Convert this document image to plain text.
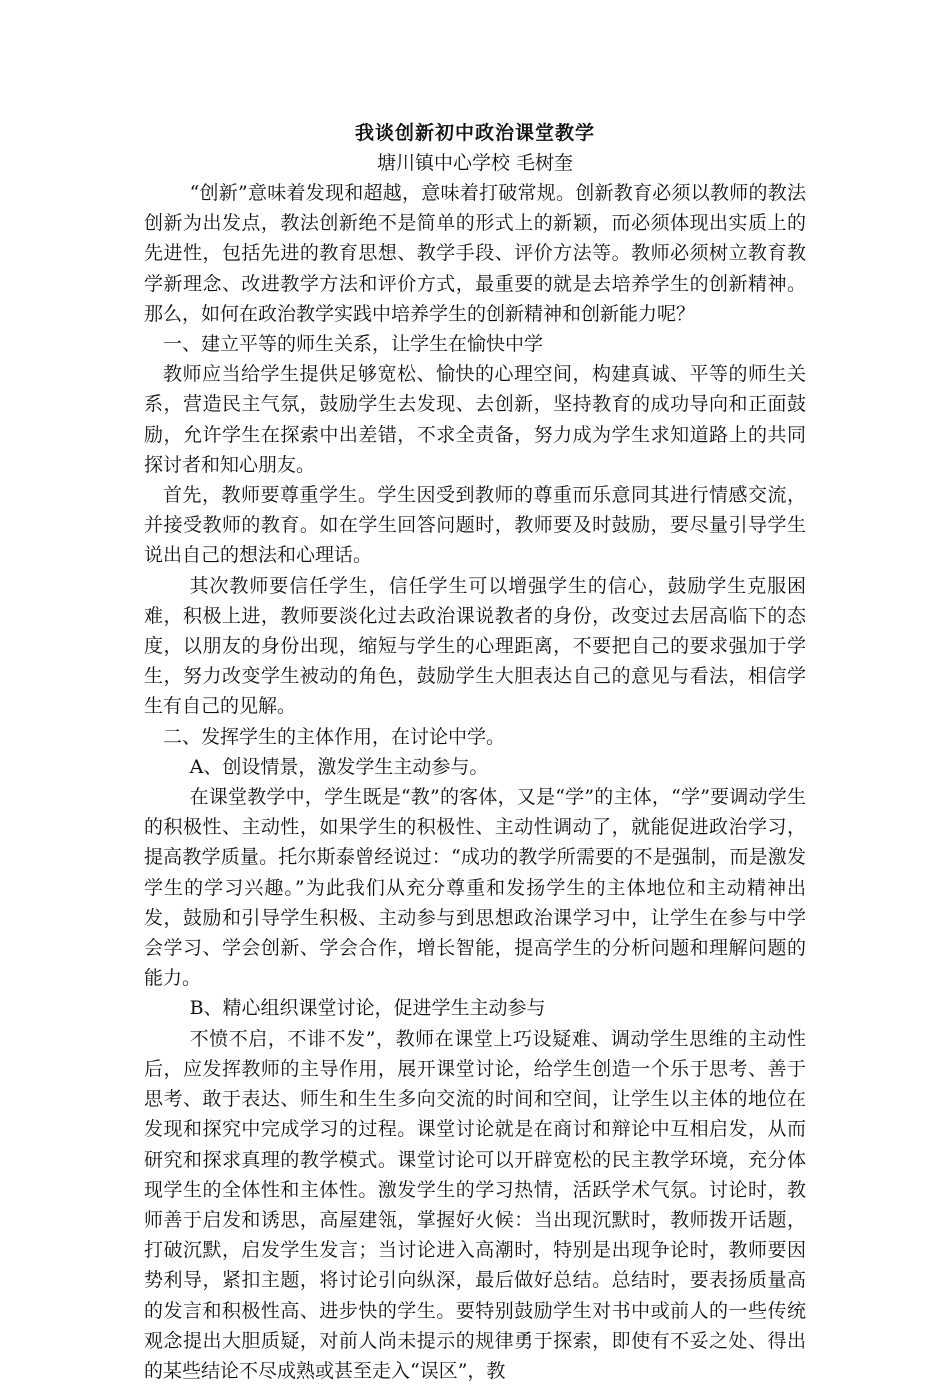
我谈创新初中政治课堂教学

塘川镇中心学校 毛树奎

“创新”意味着发现和超越，意味着打破常规。创新教育必须以教师的教法创新为出发点，教法创新绝不是简单的形式上的新颖，而必须体现出实质上的先进性，包括先进的教育思想、教学手段、评价方法等。教师必须树立教育教学新理念、改进教学方法和评价方式，最重要的就是去培养学生的创新精神。那么，如何在政治教学实践中培养学生的创新精神和创新能力呢？

一、建立平等的师生关系，让学生在愉快中学

教师应当给学生提供足够宽松、愉快的心理空间，构建真诚、平等的师生关系，营造民主气氛，鼓励学生去发现、去创新，坚持教育的成功导向和正面鼓励，允许学生在探索中出差错，不求全责备，努力成为学生求知道路上的共同探讨者和知心朋友。

首先，教师要尊重学生。学生因受到教师的尊重而乐意同其进行情感交流，并接受教师的教育。如在学生回答问题时，教师要及时鼓励，要尽量引导学生说出自己的想法和心理话。

其次教师要信任学生，信任学生可以增强学生的信心，鼓励学生克服困难，积极上进，教师要淡化过去政治课说教者的身份，改变过去居高临下的态度，以朋友的身份出现，缩短与学生的心理距离，不要把自己的要求强加于学生，努力改变学生被动的角色，鼓励学生大胆表达自己的意见与看法，相信学生有自己的见解。

二、发挥学生的主体作用，在讨论中学。

A、创设情景，激发学生主动参与。

在课堂教学中，学生既是“教”的客体，又是“学”的主体，“学”要调动学生的积极性、主动性，如果学生的积极性、主动性调动了，就能促进政治学习，提高教学质量。托尔斯泰曾经说过：“成功的教学所需要的不是强制，而是激发学生的学习兴趣。”为此我们从充分尊重和发扬学生的主体地位和主动精神出发，鼓励和引导学生积极、主动参与到思想政治课学习中，让学生在参与中学会学习、学会创新、学会合作，增长智能，提高学生的分析问题和理解问题的能力。

B、精心组织课堂讨论，促进学生主动参与

不愤不启，不诽不发”，教师在课堂上巧设疑难、调动学生思维的主动性后，应发挥教师的主导作用，展开课堂讨论，给学生创造一个乐于思考、善于思考、敢于表达、师生和生生多向交流的时间和空间，让学生以主体的地位在发现和探究中完成学习的过程。课堂讨论就是在商讨和辩论中互相启发，从而研究和探求真理的教学模式。课堂讨论可以开辟宽松的民主教学环境，充分体现学生的全体性和主体性。激发学生的学习热情，活跃学术气氛。讨论时，教师善于启发和诱思，高屋建瓴，掌握好火候：当出现沉默时，教师拨开话题，打破沉默，启发学生发言；当讨论进入高潮时，特别是出现争论时，教师要因势利导，紧扣主题，将讨论引向纵深，最后做好总结。总结时，要表扬质量高的发言和积极性高、进步快的学生。要特别鼓励学生对书中或前人的一些传统观念提出大胆质疑，对前人尚未提示的规律勇于探索，即使有不妥之处、得出的某些结论不尽成熟或甚至走入“误区”，教
